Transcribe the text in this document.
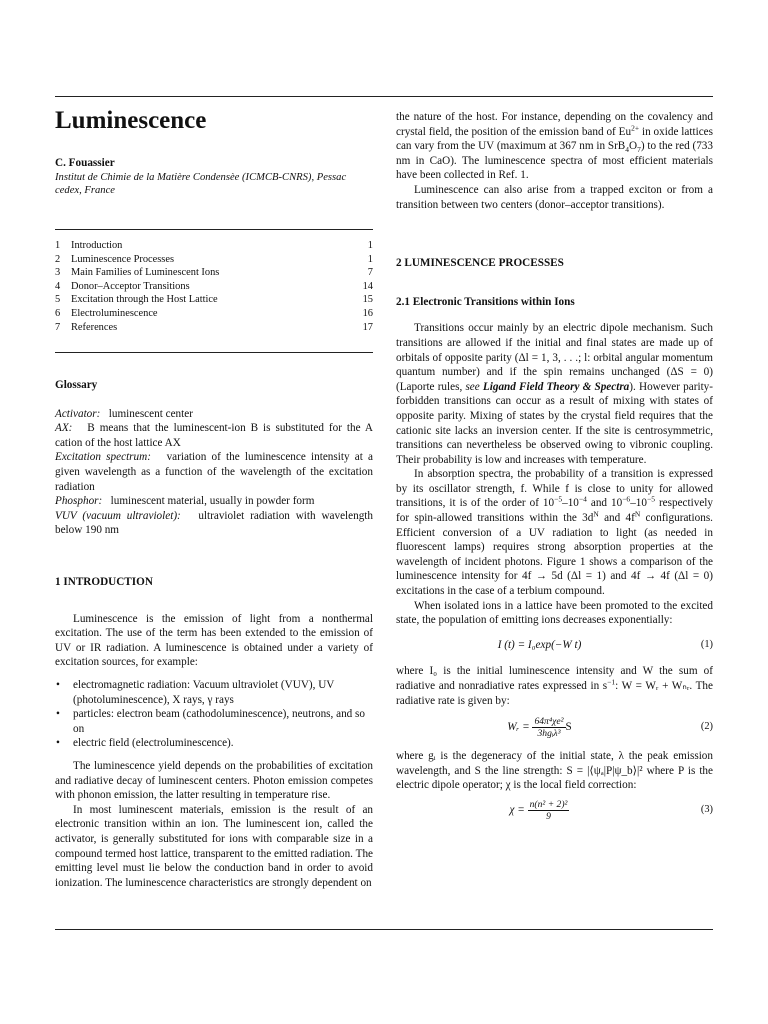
Luminescence
C. Fouassier
Institut de Chimie de la Matière Condensèe (ICMCB-CNRS), Pessac cedex, France
1	Introduction	1
2	Luminescence Processes	1
3	Main Families of Luminescent Ions	7
4	Donor–Acceptor Transitions	14
5	Excitation through the Host Lattice	15
6	Electroluminescence	16
7	References	17
Glossary

Activator: luminescent center

AX: B means that the luminescent-ion B is substituted for the A cation of the host lattice AX

Excitation spectrum: variation of the luminescence intensity at a given wavelength as a function of the wavelength of the excitation radiation

Phosphor: luminescent material, usually in powder form

VUV (vacuum ultraviolet): ultraviolet radiation with wavelength below 190 nm

1 INTRODUCTION

Luminescence is the emission of light from a nonthermal excitation. The use of the term has been extended to the emission of UV or IR radiation. A luminescence is obtained under a variety of excitation sources, for example:

• electromagnetic radiation: Vacuum ultraviolet (VUV), UV (photoluminescence), X rays, γ rays
• particles: electron beam (cathodoluminescence), neutrons, and so on
• electric field (electroluminescence).

The luminescence yield depends on the probabilities of excitation and radiative decay of luminescent centers. Photon emission competes with phonon emission, the latter resulting in temperature rise.

In most luminescent materials, emission is the result of an electronic transition within an ion. The luminescent ion, called the activator, is generally substituted for ions with comparable size in a compound termed host lattice, transparent to the emitted radiation. The emitting level must lie below the conduction band in order to avoid ionization. The luminescence characteristics are strongly dependent on

the nature of the host. For instance, depending on the covalency and crystal field, the position of the emission band of $Eu^{2+}$ in oxide lattices can vary from the UV (maximum at 367 nm in $SrB_4O_7$) to the red (733 nm in CaO). The luminescence spectra of most efficient materials have been collected in Ref. 1.

Luminescence can also arise from a trapped exciton or from a transition between two centers (donor–acceptor transitions).

2 LUMINESCENCE PROCESSES
2.1 Electronic Transitions within Ions

Transitions occur mainly by an electric dipole mechanism. Such transitions are allowed if the initial and final states are made up of orbitals of opposite parity (Δl = 1, 3, . . .; l: orbital angular momentum quantum number) and if the spin remains unchanged (ΔS = 0) (Laporte rules, see Ligand Field Theory & Spectra). However parity-forbidden transitions can occur as a result of mixing with states of opposite parity. Mixing of states by the crystal field requires that the cationic site lacks an inversion center. If the site is centrosymmetric, transitions can nevertheless be observed owing to vibronic coupling. Their probability is low and increases with temperature.

In absorption spectra, the probability of a transition is expressed by its oscillator strength, f. While f is close to unity for allowed transitions, it is of the order of $10^{-5}-10^{-4}$ and $10^{-6}-10^{-5}$ respectively for spin-allowed transitions within the $3d^N$ and $4f^N$ configurations. Efficient conversion of a UV radiation to light (as needed in fluorescent lamps) requires strong absorption properties at the wavelength of incident photons. Figure 1 shows a comparison of the luminescence intensity for 4f → 5d (Δl = 1) and 4f → 4f (Δl = 0) excitations in the case of a terbium compound.

When isolated ions in a lattice have been promoted to the excited state, the population of emitting ions decreases exponentially:

I (t) = I₀exp(−W t)	(1)

where I₀ is the initial luminescence intensity and W the sum of radiative and nonradiative rates expressed in $s^{-1}$: W = Wᵣ + Wₙᵣ. The radiative rate is given by:

Wᵣ = $\frac{\text{64π⁴χe²}}{\text{3hgᵢλ³}}$ S	(2)

where gᵢ is the degeneracy of the initial state, λ the peak emission wavelength, and S the line strength: S = |⟨ψₐ|P|ψ_b⟩|² where P is the electric dipole operator; χ is the local field correction:

$\chi = \frac{\text{n(n² + 2)²}}{9}$	(3)
